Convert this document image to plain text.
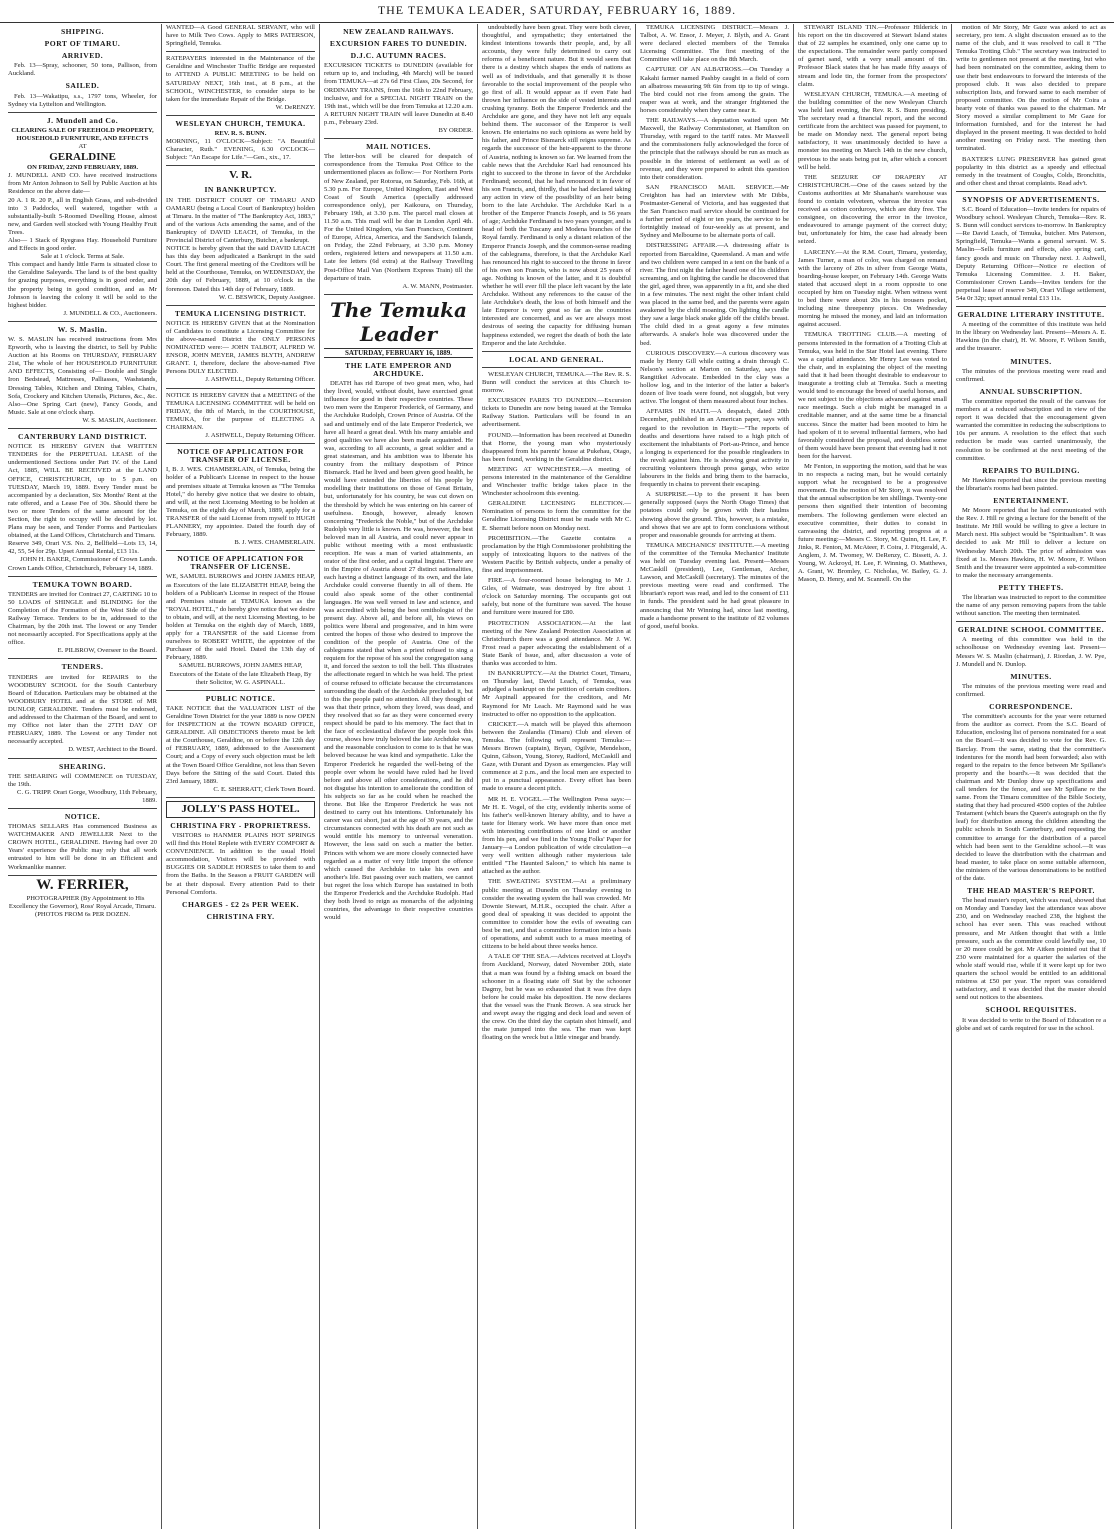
THE TEMUKA LEADER, SATURDAY, FEBRUARY 16, 1889.
SHIPPING.
PORT OF TIMARU.
ARRIVED.

Feb. 13—Spray, schooner, 50 tons, Pallison, from Auckland.

SAILED.

Feb. 13—Wakatipu, s.s., 1797 tons, Wheeler, for Sydney via Lyttelton and Wellington.

J. Mundell and Co.

CLEARING SALE OF FREEHOLD PROPERTY, HOUSEHOLD FURNITURE, AND EFFECTS

AT

GERALDINE

ON FRIDAY, 22ND FEBRUARY, 1889.

J. MUNDELL AND CO. have received instructions from Mr Anton Johnson to Sell by Public Auction at his Residence on the above date—

20 A. 1 R. 20 P., all in English Grass, and sub-divided into 3 Paddocks, well watered, together with a substantially-built 5-Roomed Dwelling House, almost new, and Garden well stocked with Young Healthy Fruit Trees.

Also— 1 Stack of Ryegrass Hay. Household Furniture and Effects in good order.

Sale at 1 o'clock. Terms at Sale.

This compact and handy little Farm is situated close to the Geraldine Saleyards. The land is of the best quality for grazing purposes, everything is in good order, and the property being in good condition, and as Mr Johnson is leaving the colony it will be sold to the highest bidder.

J. MUNDELL & CO., Auctioneers.

W. S. Maslin.

W. S. MASLIN has received instructions from Mrs Epworth, who is leaving the district, to Sell by Public Auction at his Rooms on THURSDAY, FEBRUARY 21st, The whole of her HOUSEHOLD FURNITURE AND EFFECTS, Consisting of— Double and Single Iron Bedstead, Mattresses, Palliasses, Washstands, Dressing Tables, Kitchen and Dining Tables, Chairs, Sofa, Crockery and Kitchen Utensils, Pictures, &c., &c. Also—One Spring Cart (new), Fancy Goods, and Music. Sale at one o'clock sharp.

W. S. MASLIN, Auctioneer.

CANTERBURY LAND DISTRICT.

NOTICE IS HEREBY GIVEN that WRITTEN TENDERS for the PERPETUAL LEASE of the undermentioned Sections under Part IV. of the Land Act, 1885, WILL BE RECEIVED at the LAND OFFICE, CHRISTCHURCH, up to 5 p.m. on TUESDAY, March 19, 1889. Every Tender must be accompanied by a declaration, Six Months' Rent at the rate offered, and a Lease Fee of 30s. Should there be two or more Tenders of the same amount for the Section, the right to occupy will be decided by lot. Plans may be seen, and Tender Forms and Particulars obtained, at the Land Offices, Christchurch and Timaru.

Reserve 349, Orari V.S. No. 2, Bellfield—Lots 13, 14, 42, 55, 54 for 29p. Upset Annual Rental, £13 11s.

JOHN H. BAKER, Commissioner of Crown Lands.

Crown Lands Office, Christchurch, February 14, 1889.

TEMUKA TOWN BOARD.

TENDERS are invited for Contract 27, CARTING 10 to 50 LOADS of SHINGLE and BLINDING for the Completion of the Formation of the West Side of the Railway Terrace. Tenders to be in, addressed to the Chairman, by the 20th inst. The lowest or any Tender not necessarily accepted. For Specifications apply at the office.

E. PILBROW, Overseer to the Board.

TENDERS.

TENDERS are invited for REPAIRS to the WOODBURY SCHOOL for the South Canterbury Board of Education. Particulars may be obtained at the WOODBURY HOTEL and at the STORE of MR DUNLOP, GERALDINE. Tenders must be endorsed, and addressed to the Chairman of the Board, and sent to my Office not later than the 27TH DAY OF FEBRUARY, 1889. The Lowest or any Tender not necessarily accepted.

D. WEST, Architect to the Board.

SHEARING.

THE SHEARING will COMMENCE on TUESDAY, the 19th.

C. G. TRIPP. Orari Gorge, Woodbury, 11th February, 1889.

NOTICE.

THOMAS SELLARS Has commenced Business as WATCHMAKER AND JEWELLER Next to the CROWN HOTEL, GERALDINE. Having had over 20 Years' experience the Public may rely that all work entrusted to him will be done in an Efficient and Workmanlike manner.

W. FERRIER,

PHOTOGRAPHER (By Appointment to His Excellency the Governor), Ross' Royal Arcade, Timaru. (PHOTOS FROM 6s PER DOZEN.

WANTED—A Good GENERAL SERVANT, who will have to Milk Two Cows. Apply to MRS PATERSON, Springfield, Temuka.

RATEPAYERS interested in the Maintenance of the Geraldine and Winchester Traffic Bridge are requested to ATTEND A PUBLIC MEETING to be held on SATURDAY NEXT, 16th inst., at 8 p.m., at the SCHOOL, WINCHESTER, to consider steps to be taken for the immediate Repair of the Bridge.

W. DeRENZY.

WESLEYAN CHURCH, TEMUKA.

REV. R. S. BUNN.

MORNING, 11 O'CLOCK—Subject: "A Beautiful Character, Ruth." EVENING, 6.30 O'CLOCK—Subject: "An Escape for Life."—Gen., xix., 17.

V. R.
IN BANKRUPTCY.

IN THE DISTRICT COURT OF TIMARU AND OAMARU (being a Local Court of Bankruptcy) holden at Timaru. In the matter of "The Bankruptcy Act, 1883," and of the various Acts amending the same, and of the Bankruptcy of DAVID LEACH, of Temuka, in the Provincial District of Canterbury, Butcher, a bankrupt.

NOTICE is hereby given that the said DAVID LEACH has this day been adjudicated a Bankrupt in the said Court. The first general meeting of the Creditors will be held at the Courthouse, Temuka, on WEDNESDAY, the 20th day of February, 1889, at 10 o'clock in the forenoon. Dated this 14th day of February, 1889.

W. C. BESWICK, Deputy Assignee.

TEMUKA LICENSING DISTRICT.

NOTICE IS HEREBY GIVEN that at the Nomination of Candidates to constitute a Licensing Committee for the above-named District the ONLY PERSONS NOMINATED were:— JOHN TALBOT, ALFRED W. ENSOR, JOHN MEYER, JAMES BLYTH, ANDREW GRANT. I, therefore, declare the above-named Five Persons DULY ELECTED.

J. ASHWELL, Deputy Returning Officer.

NOTICE IS HEREBY GIVEN that a MEETING of the TEMUKA LICENSING COMMITTEE will be held on FRIDAY, the 8th of March, in the COURTHOUSE, TEMUKA, for the purpose of ELECTING A CHAIRMAN.

J. ASHWELL, Deputy Returning Officer.

NOTICE OF APPLICATION FOR TRANSFER OF LICENSE.

I, B. J. WES. CHAMBERLAIN, of Temuka, being the holder of a Publican's License in respect to the house and premises situate at Temuka known as "The Temuka Hotel," do hereby give notice that we desire to obtain, and will, at the next Licensing Meeting to be holden at Temuka, on the eighth day of March, 1889, apply for a TRANSFER of the said License from myself to HUGH FLANNERY, my appointee. Dated the fourth day of February, 1889.

B. J. WES. CHAMBERLAIN.

NOTICE OF APPLICATION FOR TRANSFER OF LICENSE.

WE, SAMUEL BURROWS and JOHN JAMES HEAP, as Executors of the late ELIZABETH HEAP, being the holders of a Publican's License in respect of the House and Premises situate at TEMUKA known as the "ROYAL HOTEL," do hereby give notice that we desire to obtain, and will, at the next Licensing Meeting, to be holden at Temuka on the eighth day of March, 1889, apply for a TRANSFER of the said License from ourselves to ROBERT WHITE, the appointee of the Purchaser of the said Hotel. Dated the 13th day of February, 1889.

SAMUEL BURROWS, JOHN JAMES HEAP, Executors of the Estate of the late Elizabeth Heap, By their Solicitor, W. G. ASPINALL.

PUBLIC NOTICE.

TAKE NOTICE that the VALUATION LIST of the Geraldine Town District for the year 1889 is now OPEN for INSPECTION at the TOWN BOARD OFFICE, GERALDINE. All OBJECTIONS thereto must be left at the Courthouse, Geraldine, on or before the 12th day of FEBRUARY, 1889, addressed to the Assessment Court; and a Copy of every such objection must be left at the Town Board Office Geraldine, not less than Seven Days before the Sitting of the said Court. Dated this 23rd January, 1889.

C. E. SHERRATT, Clerk Town Board.

JOLLY'S PASS HOTEL.
CHRISTINA FRY - PROPRIETRESS.

VISITORS to HANMER PLAINS HOT SPRINGS will find this Hotel Replete with EVERY COMFORT & CONVENIENCE. In addition to the usual Hotel accommodation, Visitors will be provided with BUGGIES OR SADDLE HORSES to take them to and from the Baths. In the Season a FRUIT GARDEN will be at their disposal. Every attention Paid to their Personal Comforts.

CHARGES - £2 2s PER WEEK.
CHRISTINA FRY.
NEW ZEALAND RAILWAYS.
EXCURSION FARES TO DUNEDIN.
D.J.C. AUTUMN RACES.

EXCURSION TICKETS to DUNEDIN (available for return up to, and including, 4th March) will be issued from TEMUKA—at 27s 6d First Class, 20s Second, for ORDINARY TRAINS, from the 16th to 22nd February, inclusive, and for a SPECIAL NIGHT TRAIN on the 19th inst., which will be due from Temuka at 12.20 a.m. A RETURN NIGHT TRAIN will leave Dunedin at 8.40 p.m., February 23rd.

BY ORDER.

MAIL NOTICES.

The letter-box will be cleared for despatch of correspondence from the Temuka Post Office to the undermentioned places as follow:— For Northern Ports of New Zealand, per Rotorua, on Saturday, Feb. 16th, at 5.30 p.m. For Europe, United Kingdom, East and West Coast of South America (specially addressed correspondence only), per Kaikoura, on Thursday, February 19th, at 3.30 p.m. The parcel mail closes at 11.50 a.m. This mail will be due in London April 4th. For the United Kingdom, via San Francisco, Continent of Europe, Africa, America, and the Sandwich Islands, on Friday, the 22nd February, at 3.30 p.m. Money orders, registered letters and newspapers at 11.50 a.m. Late fee letters (6d extra) at the Railway Travelling Post-Office Mail Van (Northern Express Train) till the departure of train.

A. W. MANN, Postmaster.

The Temuka Leader
SATURDAY, FEBRUARY 16, 1889.
THE LATE EMPEROR AND ARCHDUKE.

DEATH has rid Europe of two great men, who, had they lived, would, without doubt, have exercised great influence for good in their respective countries. These two men were the Emperor Frederick, of Germany, and the Archduke Rudolph, Crown Prince of Austria. Of the sad and untimely end of the late Emperor Frederick, we have all heard a great deal. With his many amiable and good qualities we have also been made acquainted. He was, according to all accounts, a great soldier and a great statesman, and his ambition was to liberate his country from the military despotism of Prince Bismarck. Had he lived and been given good health, he would have extended the liberties of his people by modelling their institutions on those of Great Britain, but, unfortunately for his country, he was cut down on the threshold by which he was entering on his career of usefulness. Enough, however, already known concerning "Frederick the Noble," but of the Archduke Rudolph very little is known. He was, however, the best beloved man in all Austria, and could never appear in public without meeting with a most enthusiastic reception. He was a man of varied attainments, an orator of the first order, and a capital linguist. There are in the Empire of Austria about 27 distinct nationalities, each having a distinct language of its own, and the late Archduke could converse fluently in all of them. He could also speak some of the other continental languages. He was well versed in law and science, and was accredited with being the best ornithologist of the present day. Above all, and before all, his views on politics were liberal and progressive, and in him were centred the hopes of those who desired to improve the condition of the people of Austria. One of the cablegrams stated that when a priest refused to sing a requiem for the repose of his soul the congregation sang it, and forced the sexton to toll the bell. This illustrates the affectionate regard in which he was held. The priest of course refused to officiate because the circumstances surrounding the death of the Archduke precluded it, but to this the people paid no attention. All they thought of was that their prince, whom they loved, was dead, and they resolved that so far as they were concerned every respect should be paid to his memory. The fact that in the face of ecclesiastical disfavor the people took this course, shows how truly beloved the late Archduke was, and the reasonable conclusion to come to is that he was beloved because he was kind and sympathetic. Like the Emperor Frederick he regarded the well-being of the people over whom he would have ruled had he lived before and above all other considerations, and he did not disguise his intention to ameliorate the condition of his subjects so far as he could when he reached the throne. But like the Emperor Frederick he was not destined to carry out his intentions. Unfortunately his career was cut short, just at the age of 30 years, and the circumstances connected with his death are not such as would entitle his memory to universal veneration. However, the less said on such a matter the better. Princes with whom we are more closely connected have regarded as a matter of very little import the offence which caused the Archduke to take his own and another's life. But passing over such matters, we cannot but regret the loss which Europe has sustained in both the Emperor Frederick and the Archduke Rudolph. Had they both lived to reign as monarchs of the adjoining countries, the advantage to their respective countries would

undoubtedly have been great. They were both clever, thoughtful, and sympathetic; they entertained the kindest intentions towards their people, and, by all accounts, they were fully determined to carry out reforms of a beneficent nature. But it would seem that there is a destiny which shapes the ends of nations as well as of individuals, and that generally it is those favorable to the social improvement of the people who go first of all. It would appear as if even Fate had thrown her influence on the side of vested interests and crushing tyranny. Both the Emperor Frederick and the Archduke are gone, and they have not left any equals behind them. The successor of the Emperor is well known. He entertains no such opinions as were held by his father, and Prince Bismarck still reigns supreme. As regards the successor of the heir-apparent to the throne of Austria, nothing is known so far. We learned from the cable news that the Archduke Karl had renounced his right to succeed to the throne in favor of the Archduke Ferdinand; second, that he had renounced it in favor of his son Francis, and, thirdly, that he had declared taking any action in view of the possibility of an heir being born to the late Archduke. The Archduke Karl is a brother of the Emperor Francis Joseph, and is 56 years of age; Archduke Ferdinand is two years younger, and is head of both the Tuscany and Modena branches of the Royal family. Ferdinand is only a distant relation of the Emperor Francis Joseph, and the common-sense reading of the cablegrams, therefore, is that the Archduke Karl has renounced his right to succeed to the throne in favor of his own son Francis, who is now about 25 years of age. Nothing is known of the latter, and it is doubtful whether he will ever fill the place left vacant by the late Archduke. Without any references to the cause of the late Archduke's death, the loss of both himself and the late Emperor is very great so far as the countries interested are concerned, and as we are always most desirous of seeing the capacity for diffusing human happiness extended, we regret the death of both the late Emperor and the late Archduke.

LOCAL AND GENERAL.

WESLEYAN CHURCH, TEMUKA.—The Rev. R. S. Bunn will conduct the services at this Church to-morrow.

EXCURSION FARES TO DUNEDIN.—Excursion tickets to Dunedin are now being issued at the Temuka Railway Station. Particulars will be found in an advertisement.

FOUND.—Information has been received at Dunedin that Horne, the young man who mysteriously disappeared from his parents' house at Pukehau, Otago, has been found, working in the Geraldine district.

MEETING AT WINCHESTER.—A meeting of persons interested in the maintenance of the Geraldine and Winchester traffic bridge takes place in the Winchester schoolroom this evening.

GERALDINE LICENSING ELECTION.—Nomination of persons to form the committee for the Geraldine Licensing District must be made with Mr C. E. Sherratt before noon on Monday next.

PROHIBITION.—The Gazette contains a proclamation by the High Commissioner prohibiting the supply of intoxicating liquors to the natives of the Western Pacific by British subjects, under a penalty of fine and imprisonment.

FIRE.—A four-roomed house belonging to Mr J. Giles, of Waimate, was destroyed by fire about 1 o'clock on Saturday morning. The occupants got out safely, but none of the furniture was saved. The house and furniture were insured for £80.

PROTECTION ASSOCIATION.—At the last meeting of the New Zealand Protection Association at Christchurch there was a good attendance. Mr J. W. Frost read a paper advocating the establishment of a State Bank of Issue, and, after discussion a vote of thanks was accorded to him.

IN BANKRUPTCY.—At the District Court, Timaru, on Thursday last, David Leach, of Temuka, was adjudged a bankrupt on the petition of certain creditors. Mr Aspinall appeared for the creditors, and Mr Raymond for Mr Leach. Mr Raymond said he was instructed to offer no opposition to the application.

CRICKET.—A match will be played this afternoon between the Zealandia (Timaru) Club and eleven of Temuka. The following will represent Temuka:—Messrs Brown (captain), Bryan, Ogilvie, Mendelson, Quinn, Gibson, Young, Storey, Radford, McCaskill and Gaze, with Durant and Dyson as emergencies. Play will commence at 2 p.m., and the local men are expected to put in a punctual appearance. Every effort has been made to ensure a decent pitch.

MR H. E. VOGEL.—The Wellington Press says:—Mr H. E. Vogel, of the city, evidently inherits some of his father's well-known literary ability, and to have a taste for literary work. We have more than once met with interesting contributions of one kind or another from his pen, and we find in the Young Folks' Paper for January—a London publication of wide circulation—a very well written although rather mysterious tale entitled "The Haunted Saloon," to which his name is attached as the author.

THE SWEATING SYSTEM.—At a preliminary public meeting at Dunedin on Thursday evening to consider the sweating system the hall was crowded. Mr Downie Stewart, M.H.R., occupied the chair. After a good deal of speaking it was decided to appoint the committee to consider how the evils of sweating can best be met, and that a committee formation into a basis of operations, and submit such to a mass meeting of citizens to be held about three weeks hence.

A TALE OF THE SEA.—Advices received at Lloyd's from Auckland, Norway, dated November 20th, state that a man was found by a fishing smack on board the schooner in a floating state off Stat by the schooner Dagmy, but he was so exhausted that it was five days before he could make his deposition. He now declares that the vessel was the Frank Brown. A sea struck her and swept away the rigging and deck load and seven of the crew. On the third day the captain shot himself, and the mate jumped into the sea. The man was kept floating on the wreck but a little vinegar and brandy.

TEMUKA LICENSING DISTRICT.—Messrs J. Talbot, A. W. Ensor, J. Meyer, J. Blyth, and A. Grant were declared elected members of the Temuka Licensing Committee. The first meeting of the Committee will take place on the 8th March.

CAPTURE OF AN ALBATROSS.—On Tuesday a Kakahi farmer named Pashby caught in a field of corn an albatross measuring 9ft 6in from tip to tip of wings. The bird could not rise from among the grain. The reaper was at work, and the stranger frightened the horses considerably when they came near it.

THE RAILWAYS.—A deputation waited upon Mr Maxwell, the Railway Commissioner, at Hamilton on Thursday, with regard to the tariff rates. Mr Maxwell and the commissioners fully acknowledged the force of the principle that the railways should be run as much as possible in the interest of settlement as well as of revenue, and they were prepared to admit this question into their consideration.

SAN FRANCISCO MAIL SERVICE.—Mr Creighton has had an interview with Mr Dibbs, Postmaster-General of Victoria, and has suggested that the San Francisco mail service should be continued for a further period of eight or ten years, the service to be fortnightly instead of four-weekly as at present, and Sydney and Melbourne to be alternate ports of call.

DISTRESSING AFFAIR.—A distressing affair is reported from Barcaldine, Queensland. A man and wife and two children were camped in a tent on the bank of a river. The first night the father heard one of his children screaming, and on lighting the candle he discovered that the girl, aged three, was apparently in a fit, and she died in a few minutes. The next night the other infant child was placed in the same bed, and the parents were again awakened by the child moaning. On lighting the candle they saw a large black snake glide off the child's breast. The child died in a great agony a few minutes afterwards. A snake's hole was discovered under the bed.

CURIOUS DISCOVERY.—A curious discovery was made by Henry Gill while cutting a drain through C. Nelson's section at Marton on Saturday, says the Rangitikei Advocate. Embedded in the clay was a hollow log, and in the interior of the latter a baker's dozen of live toads were found, not sluggish, but very active. The longest of them measured about four inches.

AFFAIRS IN HAITI.—A despatch, dated 20th December, published in an American paper, says with regard to the revolution in Hayti:—"The reports of deaths and desertions have raised to a high pitch of excitement the inhabitants of Port-au-Prince, and hence a longing is experienced for the possible ringleaders in the revolt against him. He is showing great activity in recruiting volunteers through press gangs, who seize labourers in the fields and bring them to the barracks, frequently in chains to prevent their escaping.

A SURPRISE.—Up to the present it has been generally supposed (says the North Otago Times) that potatoes could only be grown with their haulms showing above the ground. This, however, is a mistake, and shows that we are apt to form conclusions without proper and reasonable grounds for arriving at them.

TEMUKA MECHANICS' INSTITUTE.—A meeting of the committee of the Temuka Mechanics' Institute was held on Tuesday evening last. Present—Messrs McCaskill (president), Lee, Gentleman, Archer, Lawson, and McCaskill (secretary). The minutes of the previous meeting were read and confirmed. The librarian's report was read, and led to the consent of £11 in funds. The president said he had great pleasure in announcing that Mr Winning had, since last meeting, made a handsome present to the institute of 82 volumes of good, useful books.

STEWART ISLAND TIN.—Professor Hilderick in his report on the tin discovered at Stewart Island states that of 22 samples he examined, only one came up to the expectations. The remainder were partly composed of garnet sand, with a very small amount of tin. Professor Black states that he has made fifty assays of stream and lode tin, the former from the prospectors' claim.

WESLEYAN CHURCH, TEMUKA.—A meeting of the building committee of the new Wesleyan Church was held last evening, the Rev. R. S. Bunn presiding. The secretary read a financial report, and the second certificate from the architect was passed for payment, to be made on Monday next. The general report being satisfactory, it was unanimously decided to have a monster tea meeting on March 14th in the new church, previous to the seats being put in, after which a concert will be held.

THE SEIZURE OF DRAPERY AT CHRISTCHURCH.—One of the cases seized by the Customs authorities at Mr Shanahan's warehouse was found to contain velveteen, whereas the invoice was received as cotton corduroys, which are duty free. The consignee, on discovering the error in the invoice, endeavoured to arrange payment of the correct duty; but, unfortunately for him, the case had already been seized.

LARCENY.—At the R.M. Court, Timaru, yesterday, James Turner, a man of color, was charged on remand with the larceny of 20s in silver from George Watts, boarding-house keeper, on February 14th. George Watts stated that accused slept in a room opposite to one occupied by him on Tuesday night. When witness went to bed there were about 20s in his trousers pocket, including nine threepenny pieces. On Wednesday morning he missed the money, and laid an information against accused.

TEMUKA TROTTING CLUB.—A meeting of persons interested in the formation of a Trotting Club at Temuka, was held in the Star Hotel last evening. There was a capital attendance. Mr Henry Lee was voted to the chair, and in explaining the object of the meeting said that it had been thought desirable to endeavour to inaugurate a trotting club at Temuka. Such a meeting would tend to encourage the breed of useful horses, and we not subject to the objections advanced against small race meetings. Such a club might be managed in a creditable manner, and at the same time be a financial success. Since the matter had been mooted to him he had spoken of it to several influential farmers, who had favorably considered the proposal, and doubtless some of them would have been present that evening had it not been for the harvest.

Mr Fenton, in supporting the motion, said that he was in no respects a racing man, but he would certainly support what he recognised to be a progressive movement. On the motion of Mr Story, it was resolved that the annual subscription be ten shillings. Twenty-one persons then signified their intention of becoming members. The following gentlemen were elected an executive committee, their duties to consist in canvassing the district, and reporting progress at a future meeting:—Messrs C. Story, M. Quinn, H. Lee, F. Jinks, R. Fenton, M. McAteer, F. Coira, J. Fitzgerald, A. Anglem, J. M. Twomey, W. DeRenzy, C. Bissett, A. J. Young, W. Ackroyd, H. Lee, F. Winning, O. Matthews, A. Grant, W. Bromley, C. Nicholas, W. Bailey, G. J. Mason, D. Henry, and M. Scannell. On the

motion of Mr Story, Mr Gaze was asked to act as secretary, pro tem. A slight discussion ensued as to the name of the club, and it was resolved to call it "The Temuka Trotting Club." The secretary was instructed to write to gentlemen not present at the meeting, but who had been nominated on the committee, asking them to use their best endeavours to forward the interests of the proposed club. It was also decided to prepare subscription lists, and forward same to each member of proposed committee. On the motion of Mr Coira a hearty vote of thanks was passed to the chairman. Mr Story moved a similar compliment to Mr Gaze for information furnished, and for the interest he had displayed in the present meeting. It was decided to hold another meeting on Friday next. The meeting then terminated.

BAXTER'S LUNG PRESERVER has gained great popularity in this district as a speedy and effectual remedy in the treatment of Coughs, Colds, Bronchitis, and other chest and throat complaints. Read adv't.

SYNOPSIS OF ADVERTISEMENTS.

S.C. Board of Education—Invite tenders for repairs of Woodbury school. Wesleyan Church, Temuka—Rev. R. S. Bunn will conduct services to-morrow. In Bankruptcy—Re David Leach, of Temuka, butcher. Mrs Paterson, Springfield, Temuka—Wants a general servant. W. S. Maslin—Sells furniture and effects, also spring cart, fancy goods and music on Thursday next. J. Ashwell, Deputy Returning Officer—Notice re election of Temuka Licensing Committee. J. H. Baker, Commissioner Crown Lands—Invites tenders for the perpetual lease of reserve 349, Orari Village settlement, 54a 0r 32p; upset annual rental £13 11s.

GERALDINE LITERARY INSTITUTE.

A meeting of the committee of this institute was held in the library on Wednesday last. Present—Messrs A. E. Hawkins (in the chair), H. W. Moore, F. Wilson Smith, and the treasurer.

MINUTES.

The minutes of the previous meeting were read and confirmed.

ANNUAL SUBSCRIPTION.

The committee reported the result of the canvass for members at a reduced subscription and in view of the report it was decided that the encouragement given warranted the committee in reducing the subscriptions to 10s per annum. A resolution to the effect that such reduction be made was carried unanimously, the resolution to be confirmed at the next meeting of the committee.

REPAIRS TO BUILDING.

Mr Hawkins reported that since the previous meeting the librarian's rooms had been painted.

ENTERTAINMENT.

Mr Moore reported that he had communicated with the Rev. J. Hill re giving a lecture for the benefit of the Institute. Mr Hill would be willing to give a lecture in March next. His subject would be "Spiritualism". It was decided to ask Mr Hill to deliver a lecture on Wednesday March 20th. The price of admission was fixed at 1s. Messrs Hawkins, H. W. Moore, F. Wilson Smith and the treasurer were appointed a sub-committee to make the necessary arrangements.

PETTY THEFTS.

The librarian was instructed to report to the committee the name of any person removing papers from the table without sanction. The meeting then terminated.

GERALDINE SCHOOL COMMITTEE.

A meeting of this committee was held in the schoolhouse on Wednesday evening last. Present—Messrs W. S. Maslin (chairman), J. Riordan, J. W. Pye, J. Mundell and N. Dunlop.

MINUTES.

The minutes of the previous meeting were read and confirmed.

CORRESPONDENCE.

The committee's accounts for the year were returned from the auditor as correct. From the S.C. Board of Education, enclosing list of persons nominated for a seat on the Board.—It was decided to vote for the Rev. G. Barclay. From the same, stating that the committee's indentures for the month had been forwarded; also with regard to the repairs to the fence between Mr Spillane's property and the board's.—It was decided that the chairman and Mr Dunlop draw up specifications and call tenders for the fence, and see Mr Spillane re the same. From the Timaru committee of the Bible Society, stating that they had procured 4500 copies of the Jubilee Testament (which bears the Queen's autograph on the fly leaf) for distribution among the children attending the public schools in South Canterbury, and requesting the committee to arrange for the distribution of a parcel which had been sent to the Geraldine school.—It was decided to leave the distribution with the chairman and head master, to take place on some suitable afternoon, the ministers of the various denominations to be notified of the date.

THE HEAD MASTER'S REPORT.

The head master's report, which was read, showed that on Monday and Tuesday last the attendance was above 230, and on Wednesday reached 238, the highest the school has ever seen. This was reached without pressure, and Mr Aitken thought that with a little pressure, such as the committee could lawfully use, 10 or 20 more could be got. Mr Aitken pointed out that if 230 were maintained for a quarter the salaries of the whole staff would rise, while if it were kept up for two quarters the school would be entitled to an additional mistress at £50 per year. The report was considered satisfactory, and it was decided that the master should send out notices to the absentees.

SCHOOL REQUISITES.

It was decided to write to the Board of Education re a globe and set of cards required for use in the school.
